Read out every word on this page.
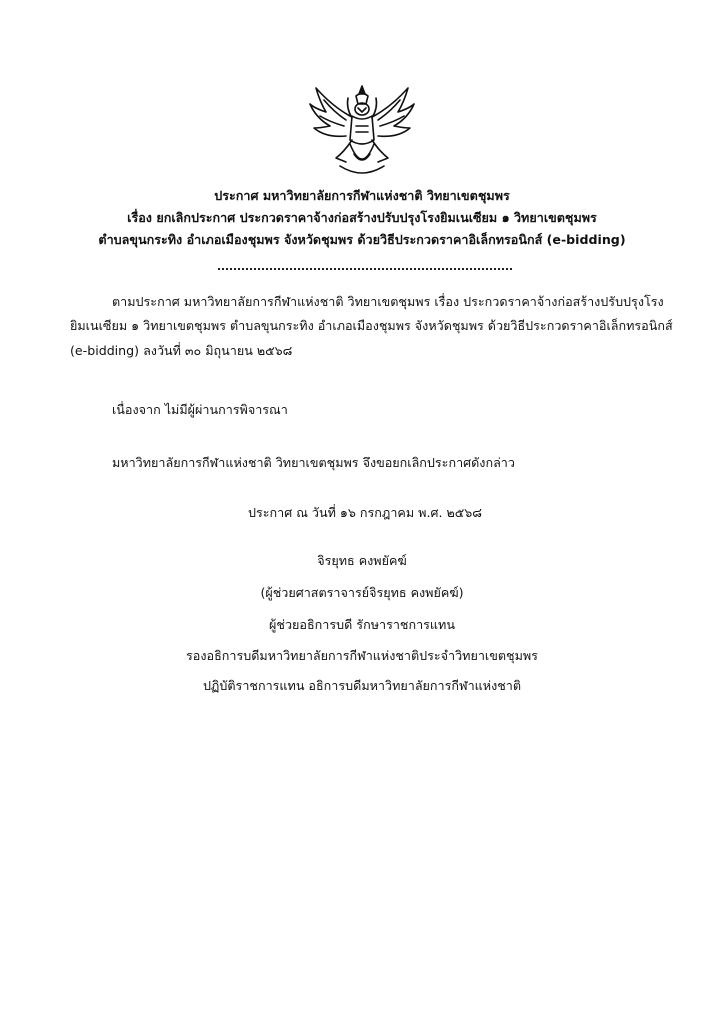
ประกาศ มหาวิทยาลัยการกีฬาแห่งชาติ วิทยาเขตชุมพร
เรื่อง ยกเลิกประกาศ ประกวดราคาจ้างก่อสร้างปรับปรุงโรงยิมเนเซียม ๑ วิทยาเขตชุมพร
ตำบลขุนกระทิง อำเภอเมืองชุมพร จังหวัดชุมพร ด้วยวิธีประกวดราคาอิเล็กทรอนิกส์ (e-bidding)
ตามประกาศ มหาวิทยาลัยการกีฬาแห่งชาติ วิทยาเขตชุมพร เรื่อง ประกวดราคาจ้างก่อสร้างปรับปรุงโรง
ยิมเนเซียม ๑ วิทยาเขตชุมพร ตำบลขุนกระทิง อำเภอเมืองชุมพร จังหวัดชุมพร ด้วยวิธีประกวดราคาอิเล็กทรอนิกส์
(e-bidding) ลงวันที่ ๓๐ มิถุนายน ๒๕๖๘
เนื่องจาก ไม่มีผู้ผ่านการพิจารณา
มหาวิทยาลัยการกีฬาแห่งชาติ วิทยาเขตชุมพร จึงขอยกเลิกประกาศดังกล่าว
ประกาศ ณ วันที่ ๑๖ กรกฎาคม พ.ศ. ๒๕๖๘
จิรยุทธ คงพยัคฆ์
(ผู้ช่วยศาสตราจารย์จิรยุทธ คงพยัคฆ์)
ผู้ช่วยอธิการบดี รักษาราชการแทน
รองอธิการบดีมหาวิทยาลัยการกีฬาแห่งชาติประจำวิทยาเขตชุมพร
ปฏิบัติราชการแทน อธิการบดีมหาวิทยาลัยการกีฬาแห่งชาติ
